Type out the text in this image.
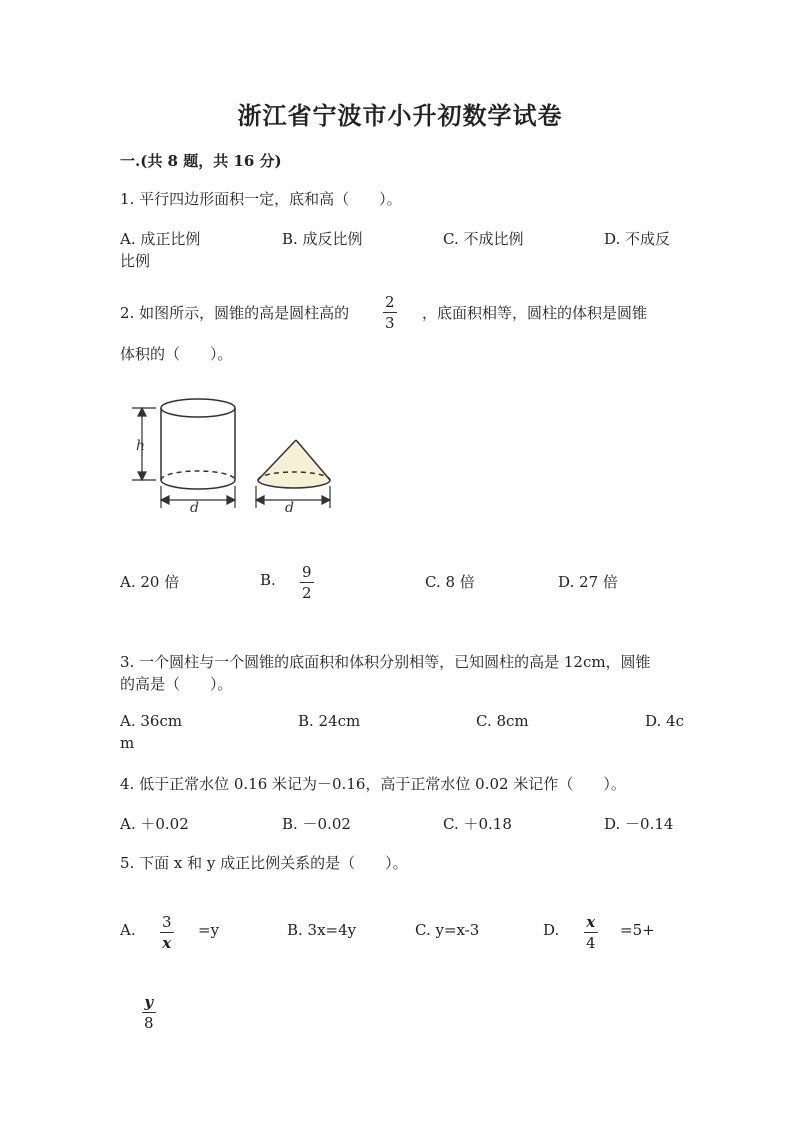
浙江省宁波市小升初数学试卷
一.(共 8 题，共 16 分)
1. 平行四边形面积一定，底和高（　　）。
A. 成正比例	B. 成反比例	C. 不成比例	D. 不成反
比例
2. 如图所示，圆锥的高是圆柱高的
2
3
，底面积相等，圆柱的体积是圆锥
体积的（　　）。
h
d	d
A. 20 倍	B. 9
2
C. 8 倍	D. 27 倍
3. 一个圆柱与一个圆锥的底面积和体积分别相等，已知圆柱的高是 12cm，圆锥
的高是（　　）。
A. 36cm	B. 24cm	C. 8cm	D. 4c
m
4. 低于正常水位 0.16 米记为－0.16，高于正常水位 0.02 米记作（　　）。
A. ＋0.02	B. －0.02	C. ＋0.18	D. －0.14
5. 下面 x 和 y 成正比例关系的是（　　）。
A. 3
x
=y	B. 3x=4y	C. y=x-3	D. x
4
=5+
y
8
